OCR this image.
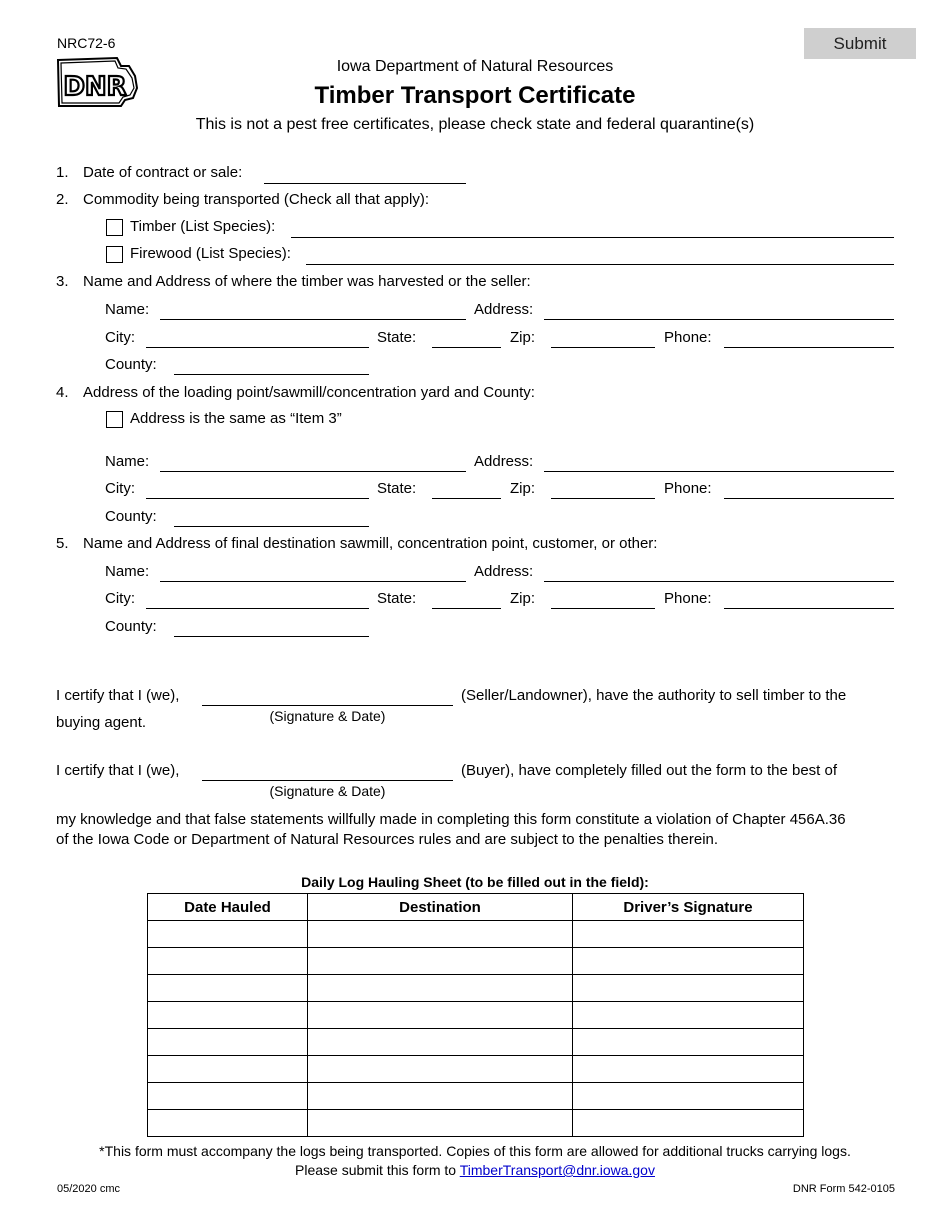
NRC72-6
DNR
Iowa Department of Natural Resources
Timber Transport Certificate
This is not a pest free certificates, please check state and federal quarantine(s)
Submit
1. Date of contract or sale:
2. Commodity being transported (Check all that apply):
Timber (List Species):
Firewood (List Species):
3. Name and Address of where the timber was harvested or the seller:
Name:	Address:
City:	State:	Zip:	Phone:
County:
4. Address of the loading point/sawmill/concentration yard and County:
Address is the same as “Item 3”
Name:	Address:
City:	State:	Zip:	Phone:
County:
5. Name and Address of final destination sawmill, concentration point, customer, or other:
Name:	Address:
City:	State:	Zip:	Phone:
County:
I certify that I (we),
(Signature & Date)
(Seller/Landowner), have the authority to sell timber to the
buying agent.
I certify that I (we),
(Signature & Date)
(Buyer), have completely filled out the form to the best of
my knowledge and that false statements willfully made in completing this form constitute a violation of Chapter 456A.36
of the Iowa Code or Department of Natural Resources rules and are subject to the penalties therein.
Daily Log Hauling Sheet (to be filled out in the field):
Date Hauled	Destination	Driver’s Signature

*This form must accompany the logs being transported. Copies of this form are allowed for additional trucks carrying logs.
Please submit this form to TimberTransport@dnr.iowa.gov
05/2020 cmc	DNR Form 542-0105
